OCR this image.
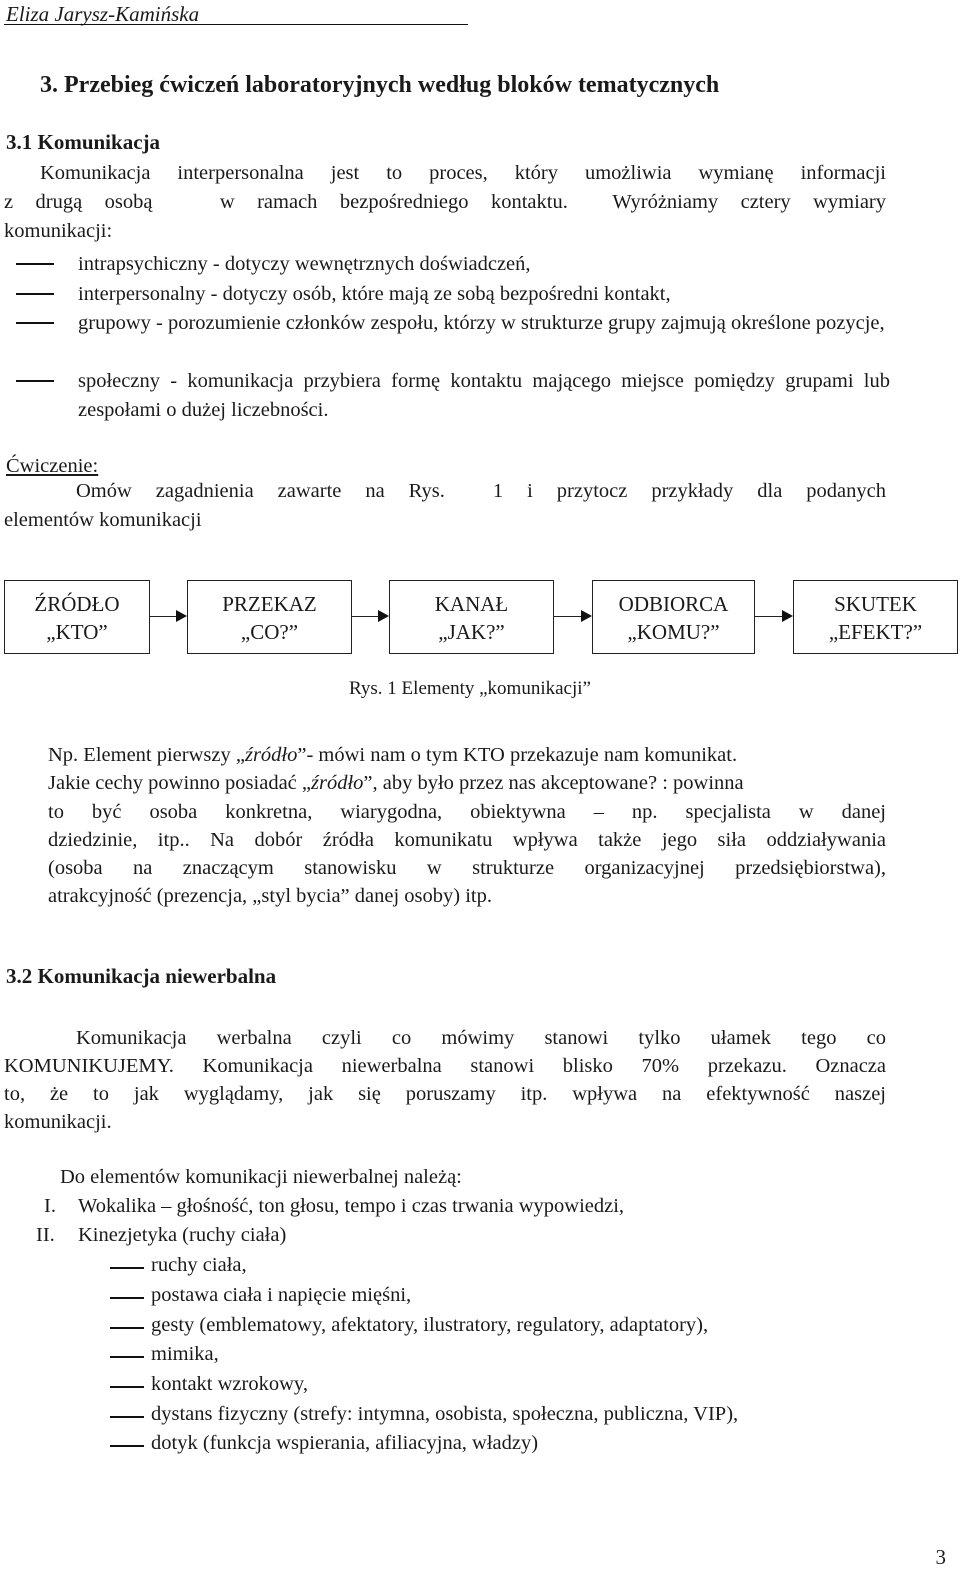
Eliza Jarysz-Kamińska
3. Przebieg ćwiczeń laboratoryjnych według bloków tematycznych
3.1 Komunikacja
Komunikacja interpersonalna jest to proces, który umożliwia wymianę informacji
z drugą osobą   w ramach bezpośredniego kontaktu.  Wyróżniamy cztery wymiary
komunikacji:
intrapsychiczny - dotyczy wewnętrznych doświadczeń,
interpersonalny - dotyczy osób, które mają ze sobą bezpośredni kontakt,
grupowy - porozumienie członków zespołu, którzy w strukturze grupy zajmują określone pozycje,
społeczny - komunikacja przybiera formę kontaktu mającego miejsce pomiędzy grupami lub zespołami o dużej liczebności.
Ćwiczenie:
Omów zagadnienia zawarte na Rys.  1 i przytocz przykłady dla podanych
elementów komunikacji
ŹRÓDŁO
„KTO”
PRZEKAZ
„CO?”
KANAŁ
„JAK?”
ODBIORCA
„KOMU?”
SKUTEK
„EFEKT?”
Rys. 1 Elementy „komunikacji”
Np. Element pierwszy „źródło”- mówi nam o tym KTO przekazuje nam komunikat.
Jakie cechy powinno posiadać „źródło”, aby było przez nas akceptowane? : powinna
to być osoba konkretna, wiarygodna, obiektywna – np. specjalista w danej
dziedzinie, itp.. Na dobór źródła komunikatu wpływa także jego siła oddziaływania
(osoba na znaczącym stanowisku w strukturze organizacyjnej przedsiębiorstwa),
atrakcyjność (prezencja, „styl bycia” danej osoby) itp.
3.2 Komunikacja niewerbalna
Komunikacja werbalna czyli co mówimy stanowi tylko ułamek tego co
KOMUNIKUJEMY. Komunikacja niewerbalna stanowi blisko 70% przekazu. Oznacza
to, że to jak wyglądamy, jak się poruszamy itp. wpływa na efektywność naszej
komunikacji.
Do elementów komunikacji niewerbalnej należą:
I. Wokalika – głośność, ton głosu, tempo i czas trwania wypowiedzi,
II. Kinezjetyka (ruchy ciała)
ruchy ciała,
postawa ciała i napięcie mięśni,
gesty (emblematowy, afektatory, ilustratory, regulatory, adaptatory),
mimika,
kontakt wzrokowy,
dystans fizyczny (strefy: intymna, osobista, społeczna, publiczna, VIP),
dotyk (funkcja wspierania, afiliacyjna, władzy)
3
